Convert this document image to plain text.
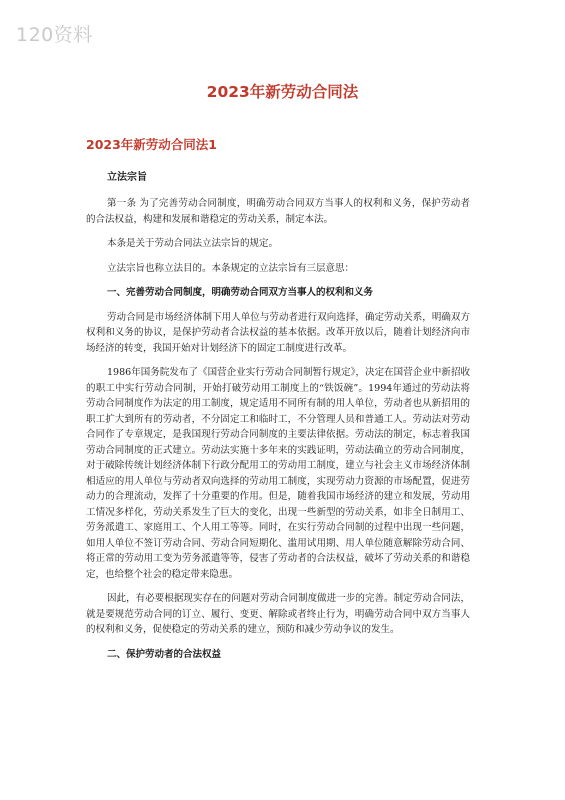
120资料
2023年新劳动合同法
2023年新劳动合同法1

立法宗旨

第一条 为了完善劳动合同制度，明确劳动合同双方当事人的权利和义务，保护劳动者的合法权益，构建和发展和谐稳定的劳动关系，制定本法。

本条是关于劳动合同法立法宗旨的规定。

立法宗旨也称立法目的。本条规定的立法宗旨有三层意思：

一、完善劳动合同制度，明确劳动合同双方当事人的权利和义务

劳动合同是市场经济体制下用人单位与劳动者进行双向选择，确定劳动关系，明确双方权利和义务的协议，是保护劳动者合法权益的基本依据。改革开放以后，随着计划经济向市场经济的转变，我国开始对计划经济下的固定工制度进行改革。

1986年国务院发布了《国营企业实行劳动合同制暂行规定》，决定在国营企业中新招收的职工中实行劳动合同制，开始打破劳动用工制度上的“铁饭碗”。1994年通过的劳动法将劳动合同制度作为法定的用工制度，规定适用不同所有制的用人单位，劳动者也从新招用的职工扩大到所有的劳动者，不分固定工和临时工，不分管理人员和普通工人。劳动法对劳动合同作了专章规定，是我国现行劳动合同制度的主要法律依据。劳动法的制定，标志着我国劳动合同制度的正式建立。劳动法实施十多年来的实践证明，劳动法确立的劳动合同制度，对于破除传统计划经济体制下行政分配用工的劳动用工制度，建立与社会主义市场经济体制相适应的用人单位与劳动者双向选择的劳动用工制度，实现劳动力资源的市场配置，促进劳动力的合理流动，发挥了十分重要的作用。但是，随着我国市场经济的建立和发展，劳动用工情况多样化，劳动关系发生了巨大的变化，出现一些新型的劳动关系，如非全日制用工、劳务派遣工、家庭用工、个人用工等等。同时，在实行劳动合同制的过程中出现一些问题，如用人单位不签订劳动合同、劳动合同短期化、滥用试用期、用人单位随意解除劳动合同、将正常的劳动用工变为劳务派遣等等，侵害了劳动者的合法权益，破坏了劳动关系的和谐稳定，也给整个社会的稳定带来隐患。

因此，有必要根据现实存在的问题对劳动合同制度做进一步的完善。制定劳动合同法，就是要规范劳动合同的订立、履行、变更、解除或者终止行为，明确劳动合同中双方当事人的权利和义务，促使稳定的劳动关系的建立，预防和减少劳动争议的发生。

二、保护劳动者的合法权益
